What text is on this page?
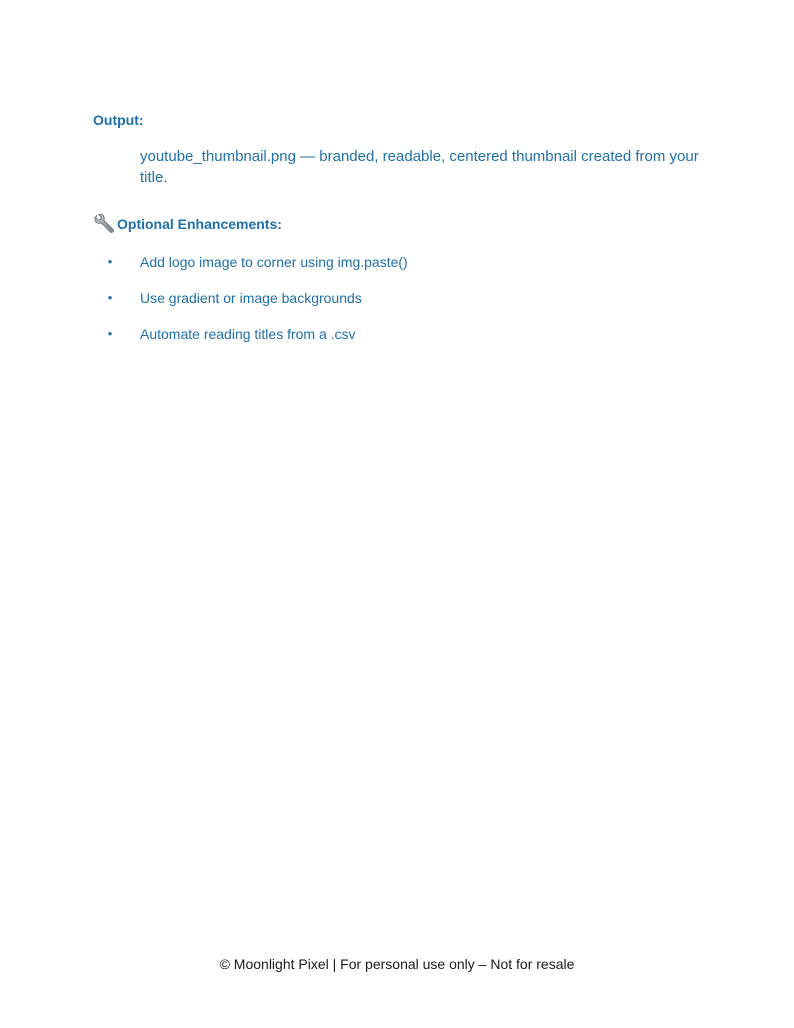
Output:
youtube_thumbnail.png — branded, readable, centered thumbnail created from your title.
Optional Enhancements:
• Add logo image to corner using img.paste()
• Use gradient or image backgrounds
• Automate reading titles from a .csv
© Moonlight Pixel | For personal use only – Not for resale
